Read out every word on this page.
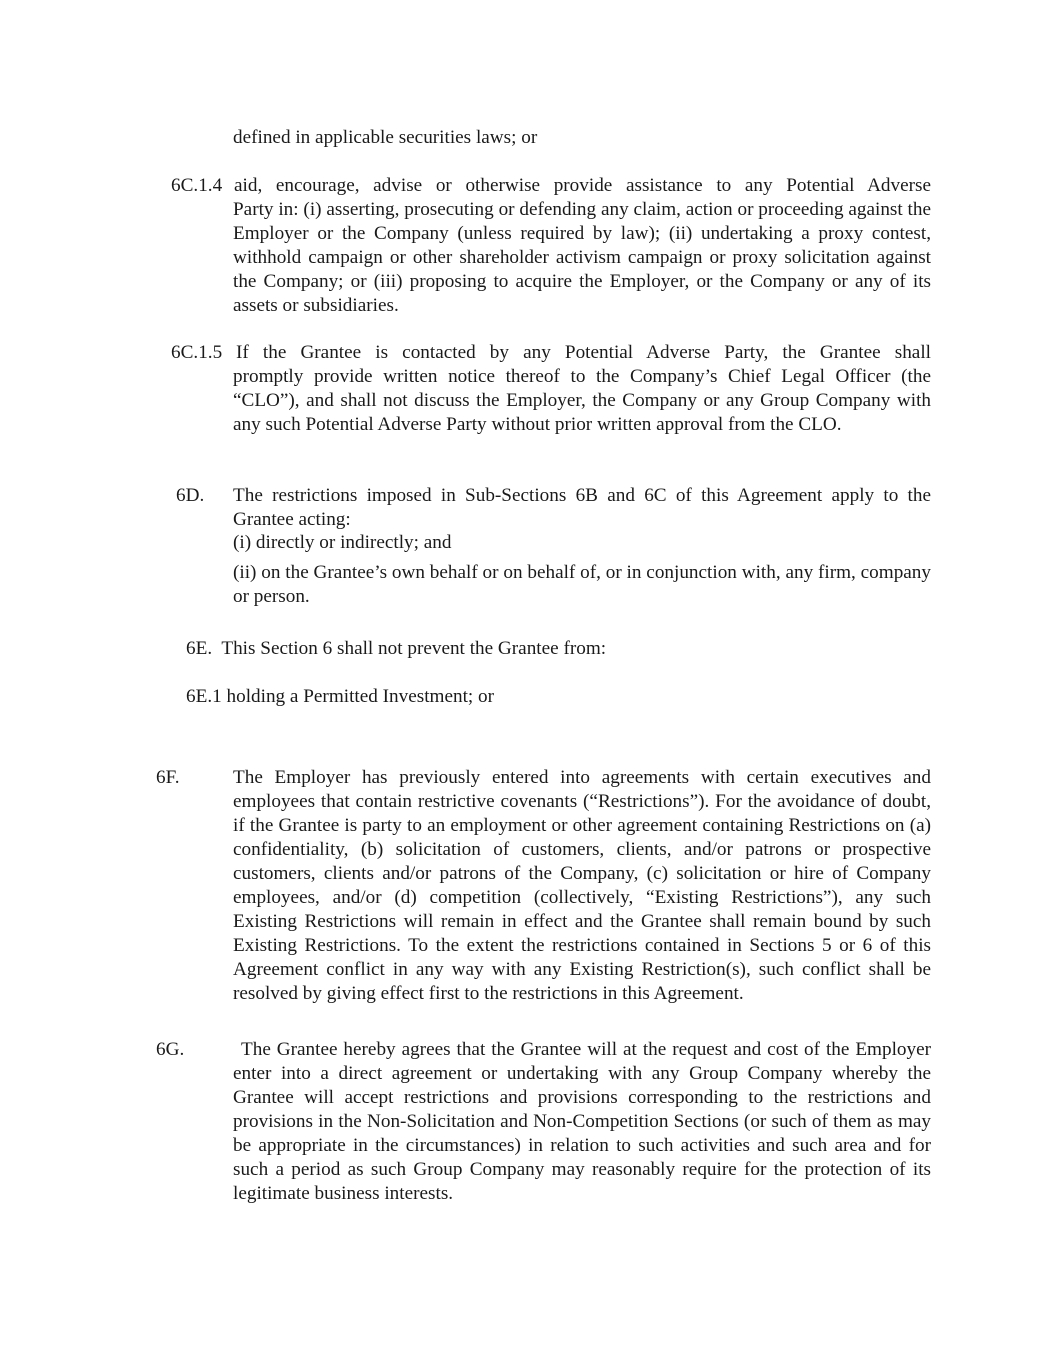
defined in applicable securities laws; or
6C.1.4 aid, encourage, advise or otherwise provide assistance to any Potential Adverse
Party in: (i) asserting, prosecuting or defending any claim, action or proceeding against the Employer or the Company (unless required by law); (ii) undertaking a proxy contest, withhold campaign or other shareholder activism campaign or proxy solicitation against the Company; or (iii) proposing to acquire the Employer, or the Company or any of its assets or subsidiaries.
6C.1.5 If the Grantee is contacted by any Potential Adverse Party, the Grantee shall
promptly provide written notice thereof to the Company’s Chief Legal Officer (the “CLO”), and shall not discuss the Employer, the Company or any Group Company with any such Potential Adverse Party without prior written approval from the CLO.
6D. The restrictions imposed in Sub-Sections 6B and 6C of this Agreement apply to the
Grantee acting:
(i) directly or indirectly; and
(ii) on the Grantee’s own behalf or on behalf of, or in conjunction with, any firm, company or person.
6E.  This Section 6 shall not prevent the Grantee from:
6E.1 holding a Permitted Investment; or
6F.	The Employer has previously entered into agreements with certain executives and employees that contain restrictive covenants (“Restrictions”). For the avoidance of doubt, if the Grantee is party to an employment or other agreement containing Restrictions on (a) confidentiality, (b) solicitation of customers, clients, and/or patrons or prospective customers, clients and/or patrons of the Company, (c) solicitation or hire of Company employees, and/or (d) competition (collectively, “Existing Restrictions”), any such Existing Restrictions will remain in effect and the Grantee shall remain bound by such Existing Restrictions. To the extent the restrictions contained in Sections 5 or 6 of this Agreement conflict in any way with any Existing Restriction(s), such conflict shall be resolved by giving effect first to the restrictions in this Agreement.
6G.	The Grantee hereby agrees that the Grantee will at the request and cost of the Employer enter into a direct agreement or undertaking with any Group Company whereby the Grantee will accept restrictions and provisions corresponding to the restrictions and provisions in the Non-Solicitation and Non-Competition Sections (or such of them as may be appropriate in the circumstances) in relation to such activities and such area and for such a period as such Group Company may reasonably require for the protection of its legitimate business interests.
